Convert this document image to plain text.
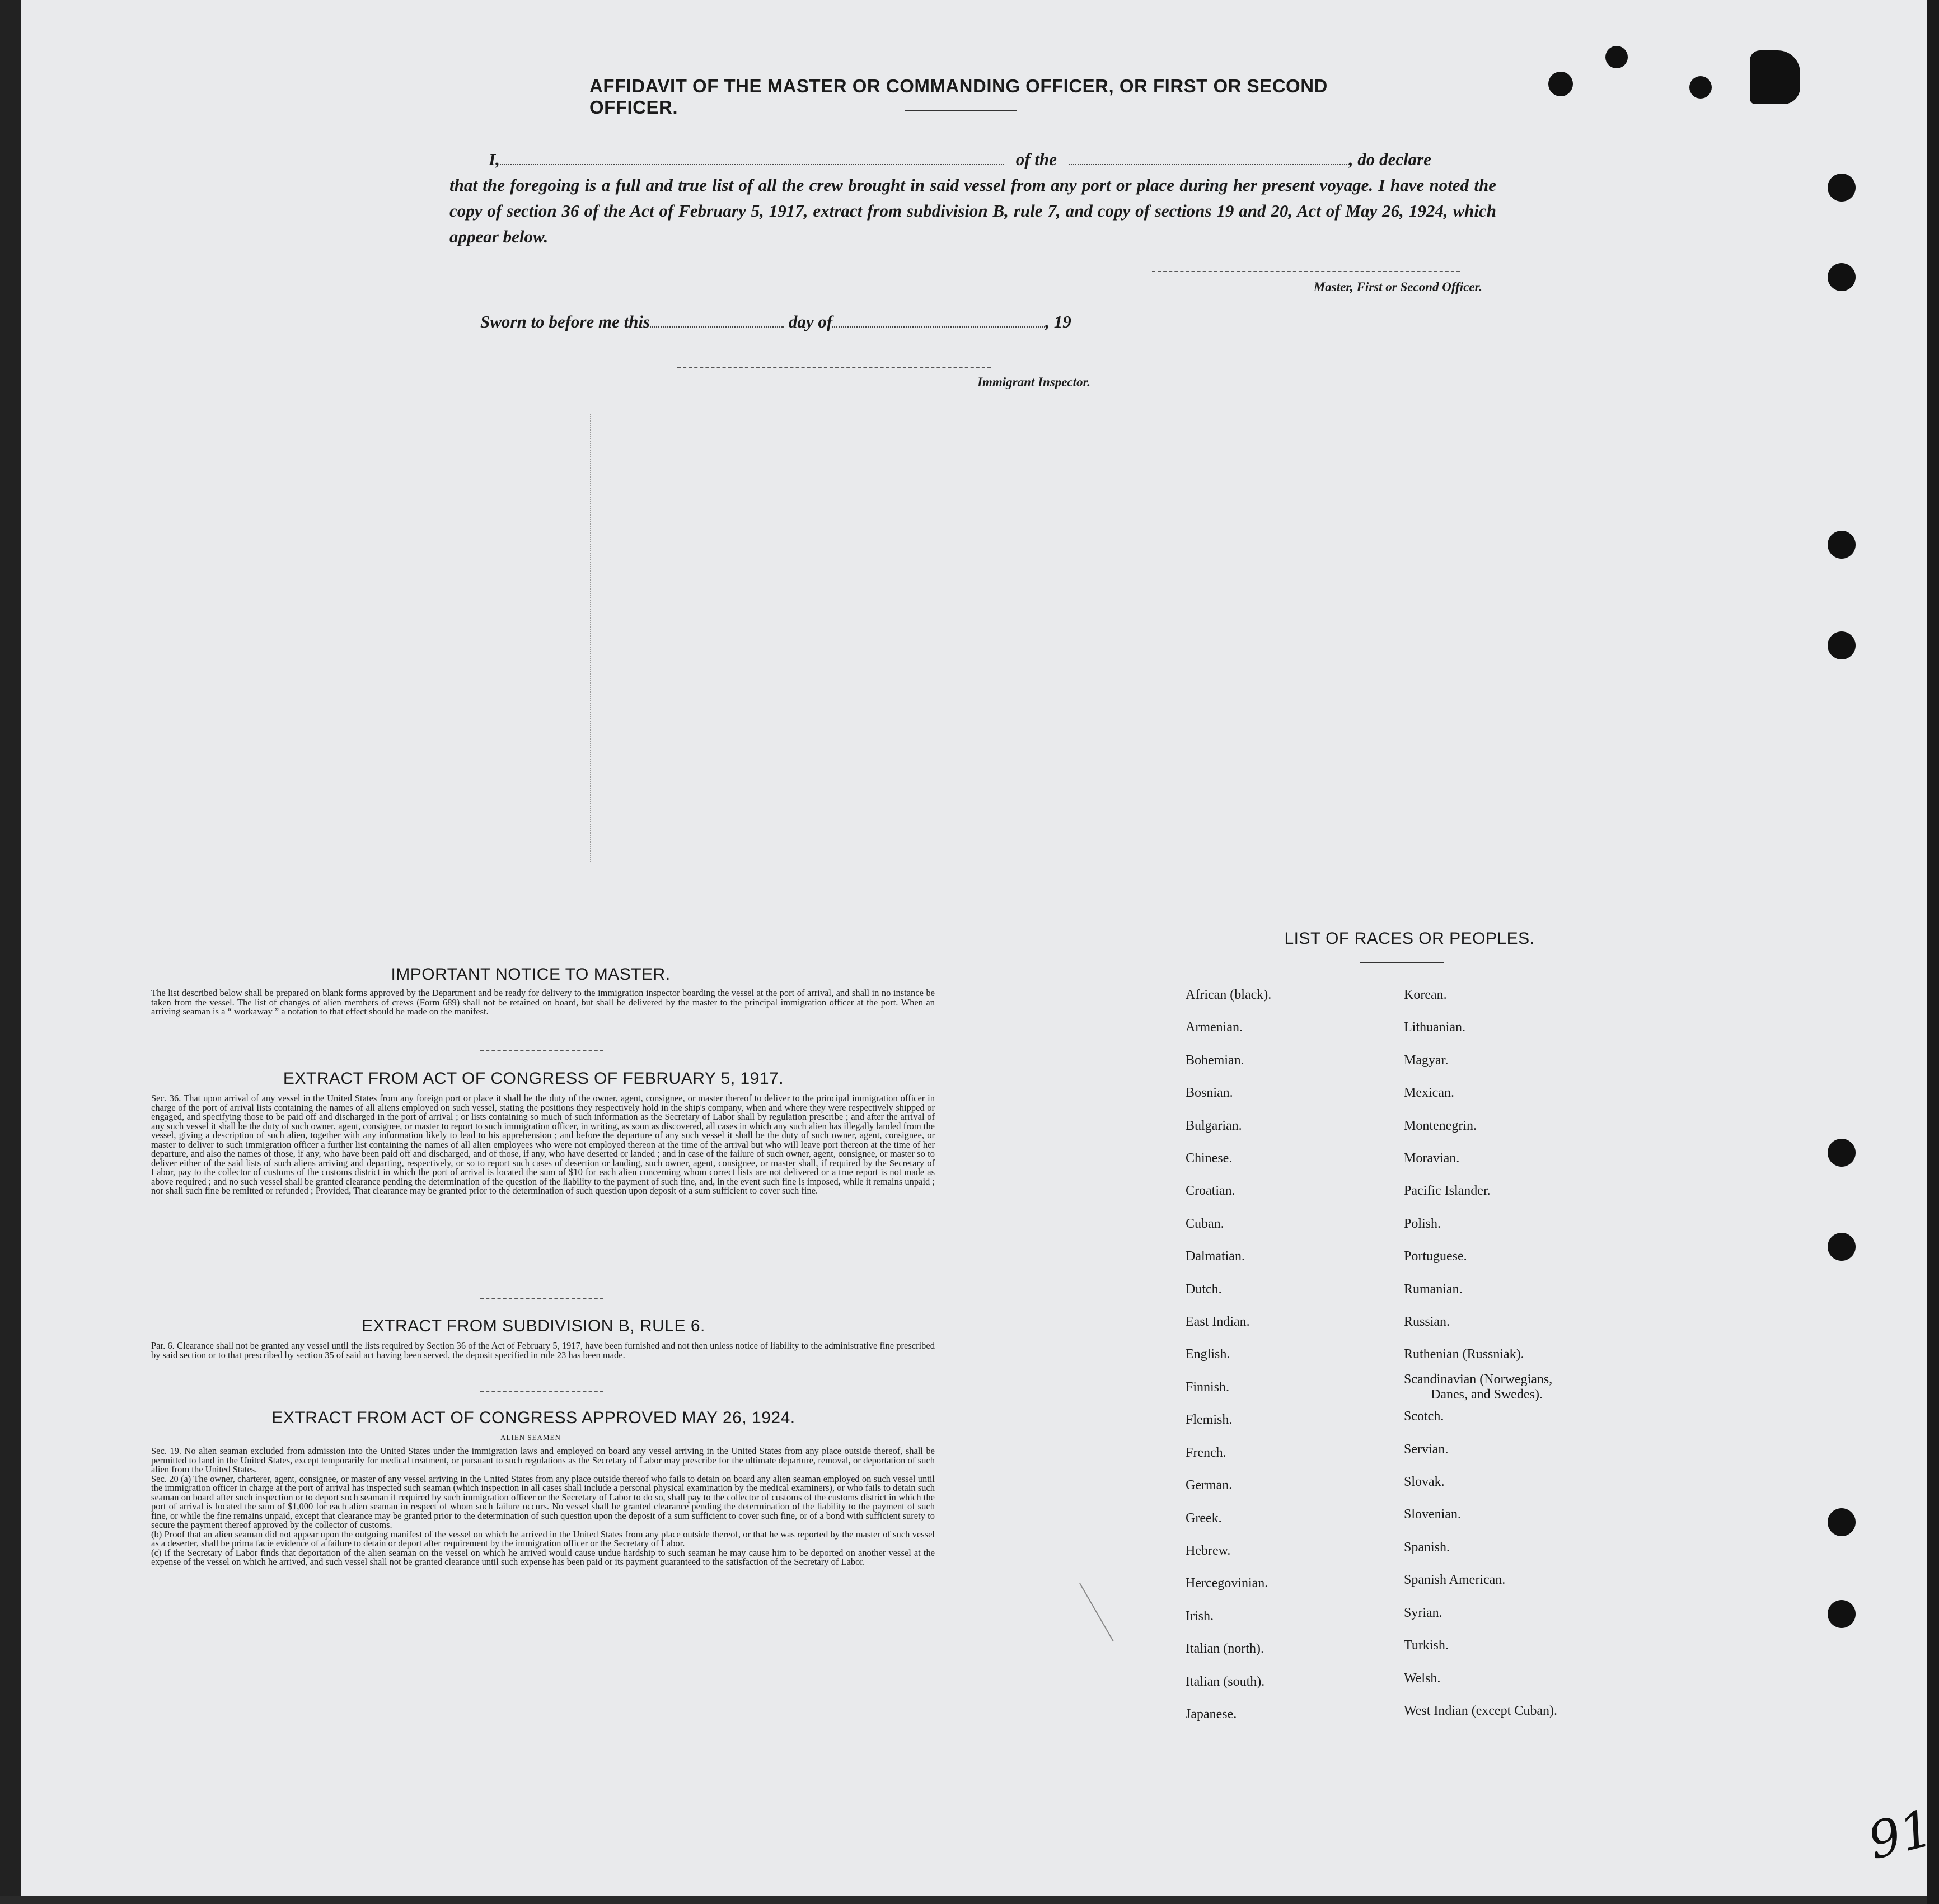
AFFIDAVIT OF THE MASTER OR COMMANDING OFFICER, OR FIRST OR SECOND OFFICER.
I,	of the	, do declare
that the foregoing is a full and true list of all the crew brought in said vessel from any port or place during her present voyage. I have noted the copy of section 36 of the Act of February 5, 1917, extract from subdivision B, rule 7, and copy of sections 19 and 20, Act of May 26, 1924, which appear below.
Master, First or Second Officer.
Sworn to before me this	day of	, 19
Immigrant Inspector.
IMPORTANT NOTICE TO MASTER.
The list described below shall be prepared on blank forms approved by the Department and be ready for delivery to the immigration inspector boarding the vessel at the port of arrival, and shall in no instance be taken from the vessel. The list of changes of alien members of crews (Form 689) shall not be retained on board, but shall be delivered by the master to the principal immigration officer at the port. When an arriving seaman is a “ workaway ” a notation to that effect should be made on the manifest.
EXTRACT FROM ACT OF CONGRESS OF FEBRUARY 5, 1917.
Sec. 36. That upon arrival of any vessel in the United States from any foreign port or place it shall be the duty of the owner, agent, consignee, or master thereof to deliver to the principal immigration officer in charge of the port of arrival lists containing the names of all aliens employed on such vessel, stating the positions they respectively hold in the ship's company, when and where they were respectively shipped or engaged, and specifying those to be paid off and discharged in the port of arrival ; or lists containing so much of such information as the Secretary of Labor shall by regulation prescribe ; and after the arrival of any such vessel it shall be the duty of such owner, agent, consignee, or master to report to such immigration officer, in writing, as soon as discovered, all cases in which any such alien has illegally landed from the vessel, giving a description of such alien, together with any information likely to lead to his apprehension ; and before the departure of any such vessel it shall be the duty of such owner, agent, consignee, or master to deliver to such immigration officer a further list containing the names of all alien employees who were not employed thereon at the time of the arrival but who will leave port thereon at the time of her departure, and also the names of those, if any, who have been paid off and discharged, and of those, if any, who have deserted or landed ; and in case of the failure of such owner, agent, consignee, or master so to deliver either of the said lists of such aliens arriving and departing, respectively, or so to report such cases of desertion or landing, such owner, agent, consignee, or master shall, if required by the Secretary of Labor, pay to the collector of customs of the customs district in which the port of arrival is located the sum of $10 for each alien concerning whom correct lists are not delivered or a true report is not made as above required ; and no such vessel shall be granted clearance pending the determination of the question of the liability to the payment of such fine, and, in the event such fine is imposed, while it remains unpaid ; nor shall such fine be remitted or refunded ; Provided, That clearance may be granted prior to the determination of such question upon deposit of a sum sufficient to cover such fine.
EXTRACT FROM SUBDIVISION B, RULE 6.
Par. 6. Clearance shall not be granted any vessel until the lists required by Section 36 of the Act of February 5, 1917, have been furnished and not then unless notice of liability to the administrative fine prescribed by said section or to that prescribed by section 35 of said act having been served, the deposit specified in rule 23 has been made.
EXTRACT FROM ACT OF CONGRESS APPROVED MAY 26, 1924.
ALIEN SEAMEN
Sec. 19. No alien seaman excluded from admission into the United States under the immigration laws and employed on board any vessel arriving in the United States from any place outside thereof, shall be permitted to land in the United States, except temporarily for medical treatment, or pursuant to such regulations as the Secretary of Labor may prescribe for the ultimate departure, removal, or deportation of such alien from the United States.
Sec. 20 (a) The owner, charterer, agent, consignee, or master of any vessel arriving in the United States from any place outside thereof who fails to detain on board any alien seaman employed on such vessel until the immigration officer in charge at the port of arrival has inspected such seaman (which inspection in all cases shall include a personal physical examination by the medical examiners), or who fails to detain such seaman on board after such inspection or to deport such seaman if required by such immigration officer or the Secretary of Labor to do so, shall pay to the collector of customs of the customs district in which the port of arrival is located the sum of $1,000 for each alien seaman in respect of whom such failure occurs. No vessel shall be granted clearance pending the determination of the liability to the payment of such fine, or while the fine remains unpaid, except that clearance may be granted prior to the determination of such question upon the deposit of a sum sufficient to cover such fine, or of a bond with sufficient surety to secure the payment thereof approved by the collector of customs.
(b) Proof that an alien seaman did not appear upon the outgoing manifest of the vessel on which he arrived in the United States from any place outside thereof, or that he was reported by the master of such vessel as a deserter, shall be prima facie evidence of a failure to detain or deport after requirement by the immigration officer or the Secretary of Labor.
(c) If the Secretary of Labor finds that deportation of the alien seaman on the vessel on which he arrived would cause undue hardship to such seaman he may cause him to be deported on another vessel at the expense of the vessel on which he arrived, and such vessel shall not be granted clearance until such expense has been paid or its payment guaranteed to the satisfaction of the Secretary of Labor.
LIST OF RACES OR PEOPLES.
African (black).
Armenian.
Bohemian.
Bosnian.
Bulgarian.
Chinese.
Croatian.
Cuban.
Dalmatian.
Dutch.
East Indian.
English.
Finnish.
Flemish.
French.
German.
Greek.
Hebrew.
Hercegovinian.
Irish.
Italian (north).
Italian (south).
Japanese.
Korean.
Lithuanian.
Magyar.
Mexican.
Montenegrin.
Moravian.
Pacific Islander.
Polish.
Portuguese.
Rumanian.
Russian.
Ruthenian (Russniak).
Scandinavian (Norwegians,
Danes, and Swedes).
Scotch.
Servian.
Slovak.
Slovenian.
Spanish.
Spanish American.
Syrian.
Turkish.
Welsh.
West Indian (except Cuban).
91
